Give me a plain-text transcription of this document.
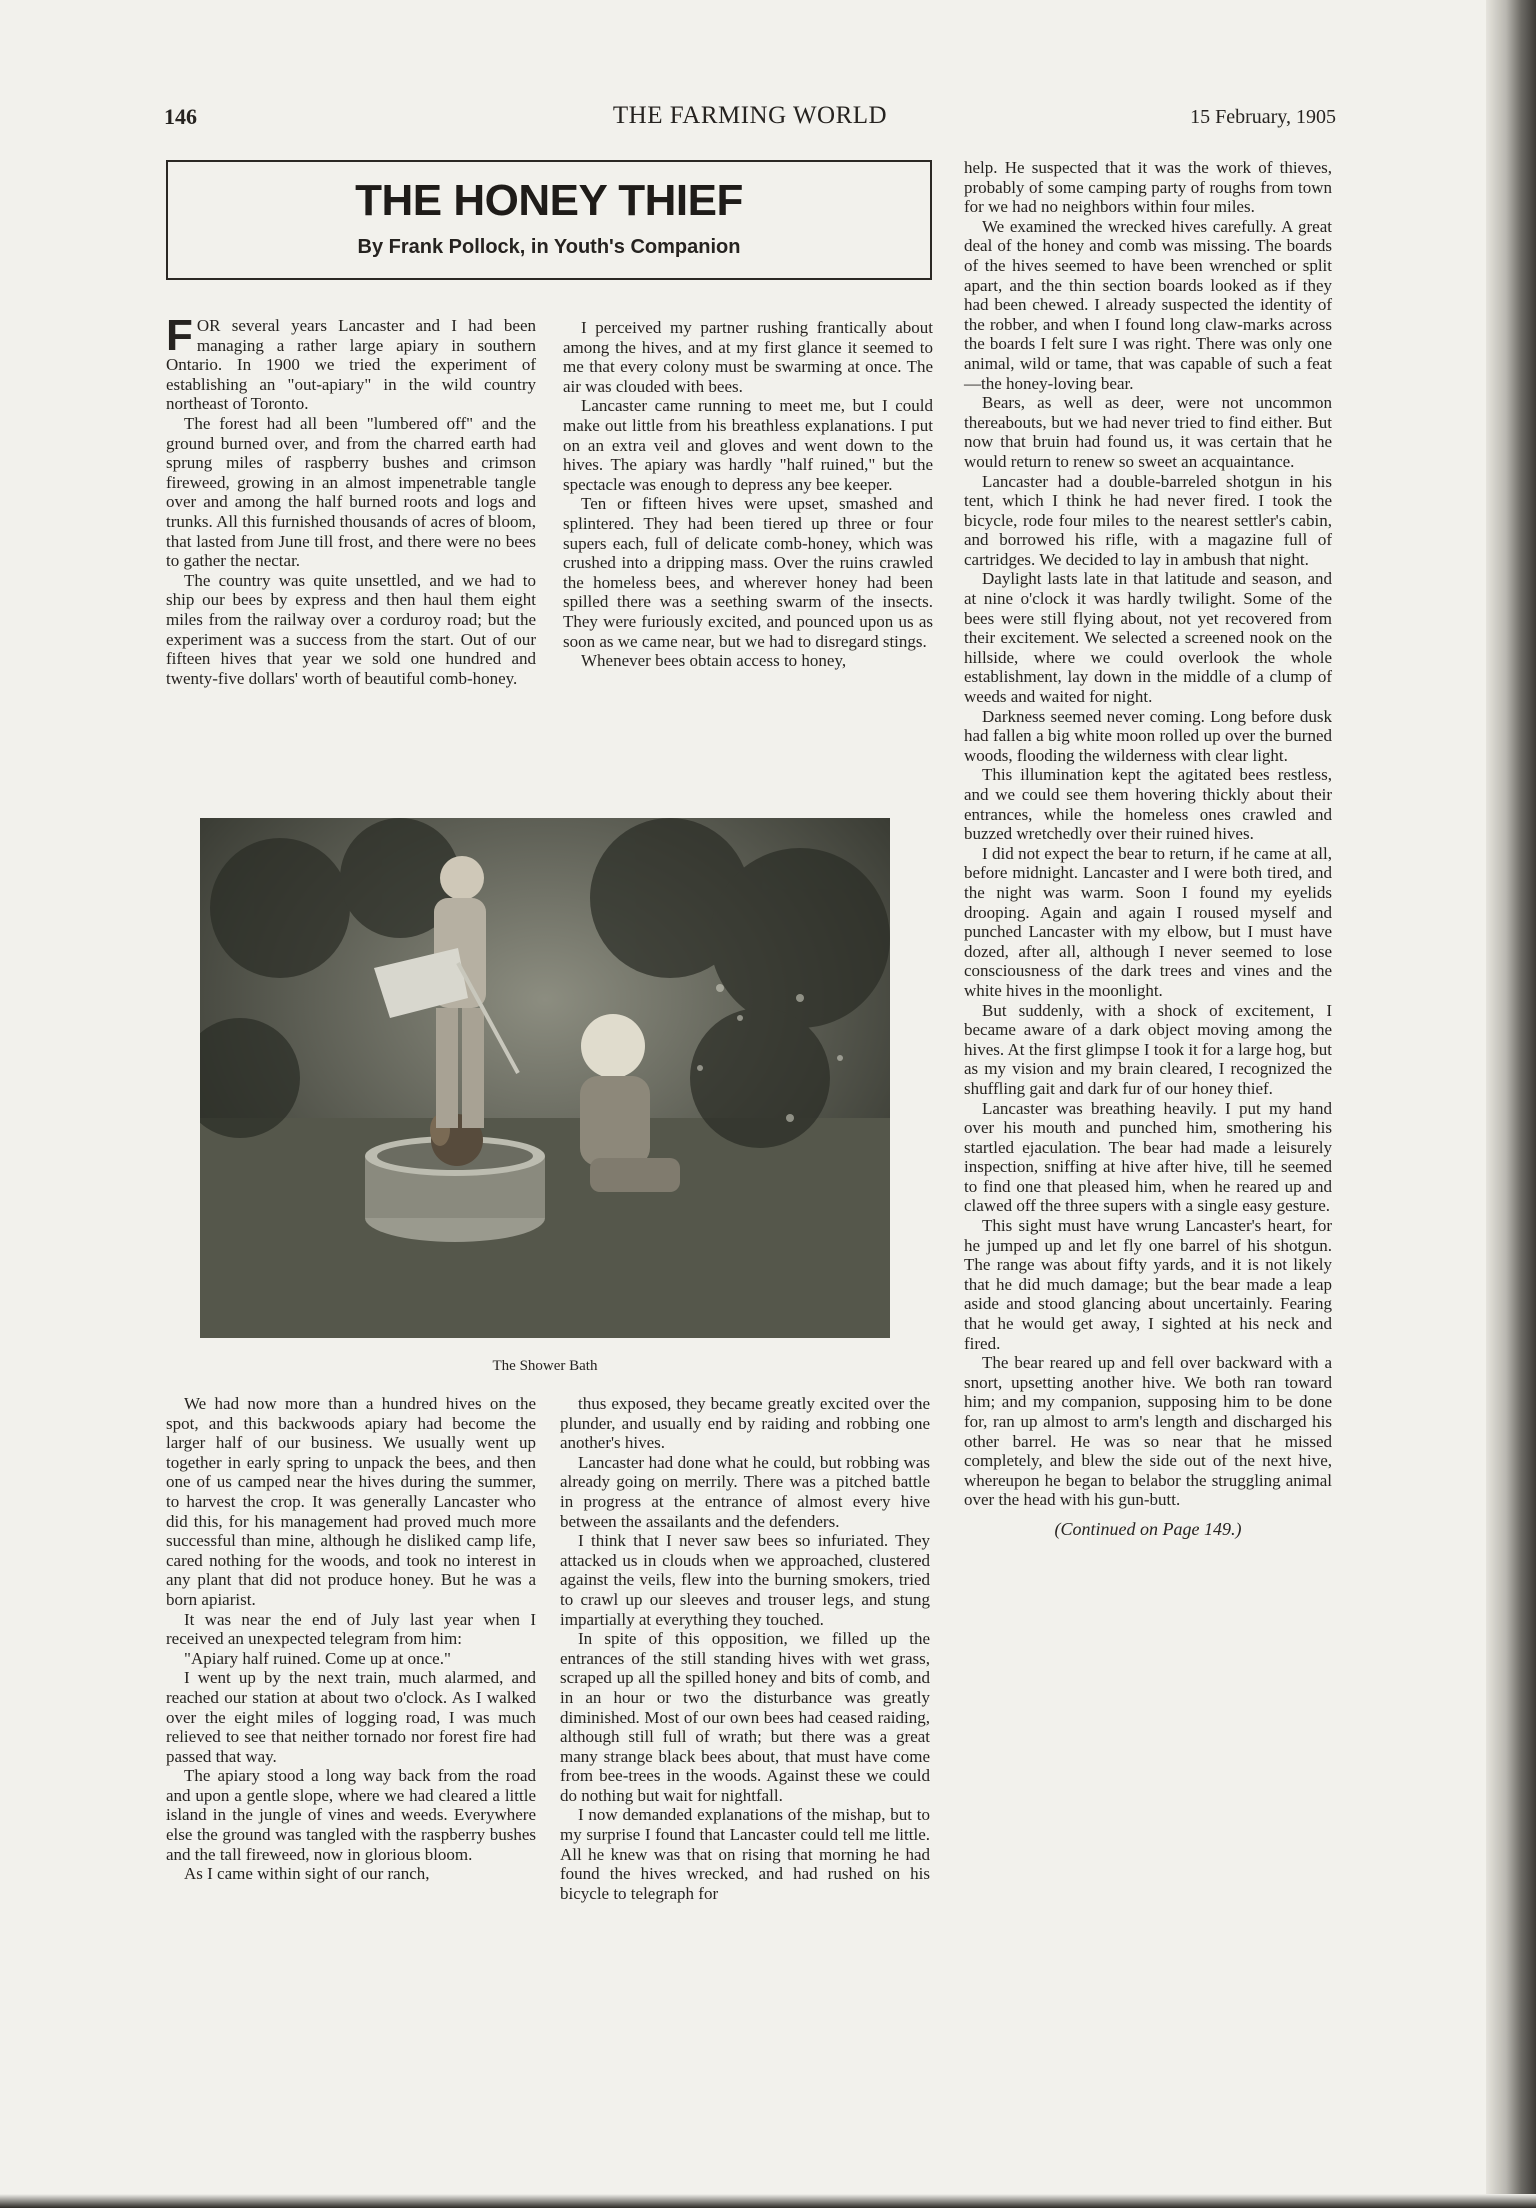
146	THE FARMING WORLD	15 February, 1905
THE HONEY THIEF
By Frank Pollock, in Youth's Companion

FOR several years Lancaster and I had been managing a rather large apiary in southern Ontario. In 1900 we tried the experiment of establishing an "out-apiary" in the wild country northeast of Toronto.

The forest had all been "lumbered off" and the ground burned over, and from the charred earth had sprung miles of raspberry bushes and crimson fireweed, growing in an almost impenetrable tangle over and among the half burned roots and logs and trunks. All this furnished thousands of acres of bloom, that lasted from June till frost, and there were no bees to gather the nectar.

The country was quite unsettled, and we had to ship our bees by express and then haul them eight miles from the railway over a corduroy road; but the experiment was a success from the start. Out of our fifteen hives that year we sold one hundred and twenty-five dollars' worth of beautiful comb-honey.

I perceived my partner rushing frantically about among the hives, and at my first glance it seemed to me that every colony must be swarming at once. The air was clouded with bees.

Lancaster came running to meet me, but I could make out little from his breathless explanations. I put on an extra veil and gloves and went down to the hives. The apiary was hardly "half ruined," but the spectacle was enough to depress any bee keeper.

Ten or fifteen hives were upset, smashed and splintered. They had been tiered up three or four supers each, full of delicate comb-honey, which was crushed into a dripping mass. Over the ruins crawled the homeless bees, and wherever honey had been spilled there was a seething swarm of the insects. They were furiously excited, and pounced upon us as soon as we came near, but we had to disregard stings.

Whenever bees obtain access to honey,

The Shower Bath

We had now more than a hundred hives on the spot, and this backwoods apiary had become the larger half of our business. We usually went up together in early spring to unpack the bees, and then one of us camped near the hives during the summer, to harvest the crop. It was generally Lancaster who did this, for his management had proved much more successful than mine, although he disliked camp life, cared nothing for the woods, and took no interest in any plant that did not produce honey. But he was a born apiarist.

It was near the end of July last year when I received an unexpected telegram from him:

"Apiary half ruined. Come up at once."

I went up by the next train, much alarmed, and reached our station at about two o'clock. As I walked over the eight miles of logging road, I was much relieved to see that neither tornado nor forest fire had passed that way.

The apiary stood a long way back from the road and upon a gentle slope, where we had cleared a little island in the jungle of vines and weeds. Everywhere else the ground was tangled with the raspberry bushes and the tall fireweed, now in glorious bloom.

As I came within sight of our ranch,

thus exposed, they became greatly excited over the plunder, and usually end by raiding and robbing one another's hives.

Lancaster had done what he could, but robbing was already going on merrily. There was a pitched battle in progress at the entrance of almost every hive between the assailants and the defenders.

I think that I never saw bees so infuriated. They attacked us in clouds when we approached, clustered against the veils, flew into the burning smokers, tried to crawl up our sleeves and trouser legs, and stung impartially at everything they touched.

In spite of this opposition, we filled up the entrances of the still standing hives with wet grass, scraped up all the spilled honey and bits of comb, and in an hour or two the disturbance was greatly diminished. Most of our own bees had ceased raiding, although still full of wrath; but there was a great many strange black bees about, that must have come from bee-trees in the woods. Against these we could do nothing but wait for nightfall.

I now demanded explanations of the mishap, but to my surprise I found that Lancaster could tell me little. All he knew was that on rising that morning he had found the hives wrecked, and had rushed on his bicycle to telegraph for

help. He suspected that it was the work of thieves, probably of some camping party of roughs from town for we had no neighbors within four miles.

We examined the wrecked hives carefully. A great deal of the honey and comb was missing. The boards of the hives seemed to have been wrenched or split apart, and the thin section boards looked as if they had been chewed. I already suspected the identity of the robber, and when I found long claw-marks across the boards I felt sure I was right. There was only one animal, wild or tame, that was capable of such a feat —the honey-loving bear.

Bears, as well as deer, were not uncommon thereabouts, but we had never tried to find either. But now that bruin had found us, it was certain that he would return to renew so sweet an acquaintance.

Lancaster had a double-barreled shotgun in his tent, which I think he had never fired. I took the bicycle, rode four miles to the nearest settler's cabin, and borrowed his rifle, with a magazine full of cartridges. We decided to lay in ambush that night.

Daylight lasts late in that latitude and season, and at nine o'clock it was hardly twilight. Some of the bees were still flying about, not yet recovered from their excitement. We selected a screened nook on the hillside, where we could overlook the whole establishment, lay down in the middle of a clump of weeds and waited for night.

Darkness seemed never coming. Long before dusk had fallen a big white moon rolled up over the burned woods, flooding the wilderness with clear light.

This illumination kept the agitated bees restless, and we could see them hovering thickly about their entrances, while the homeless ones crawled and buzzed wretchedly over their ruined hives.

I did not expect the bear to return, if he came at all, before midnight. Lancaster and I were both tired, and the night was warm. Soon I found my eyelids drooping. Again and again I roused myself and punched Lancaster with my elbow, but I must have dozed, after all, although I never seemed to lose consciousness of the dark trees and vines and the white hives in the moonlight.

But suddenly, with a shock of excitement, I became aware of a dark object moving among the hives. At the first glimpse I took it for a large hog, but as my vision and my brain cleared, I recognized the shuffling gait and dark fur of our honey thief.

Lancaster was breathing heavily. I put my hand over his mouth and punched him, smothering his startled ejaculation. The bear had made a leisurely inspection, sniffing at hive after hive, till he seemed to find one that pleased him, when he reared up and clawed off the three supers with a single easy gesture.

This sight must have wrung Lancaster's heart, for he jumped up and let fly one barrel of his shotgun. The range was about fifty yards, and it is not likely that he did much damage; but the bear made a leap aside and stood glancing about uncertainly. Fearing that he would get away, I sighted at his neck and fired.

The bear reared up and fell over backward with a snort, upsetting another hive. We both ran toward him; and my companion, supposing him to be done for, ran up almost to arm's length and discharged his other barrel. He was so near that he missed completely, and blew the side out of the next hive, whereupon he began to belabor the struggling animal over the head with his gun-butt.

(Continued on Page 149.)
